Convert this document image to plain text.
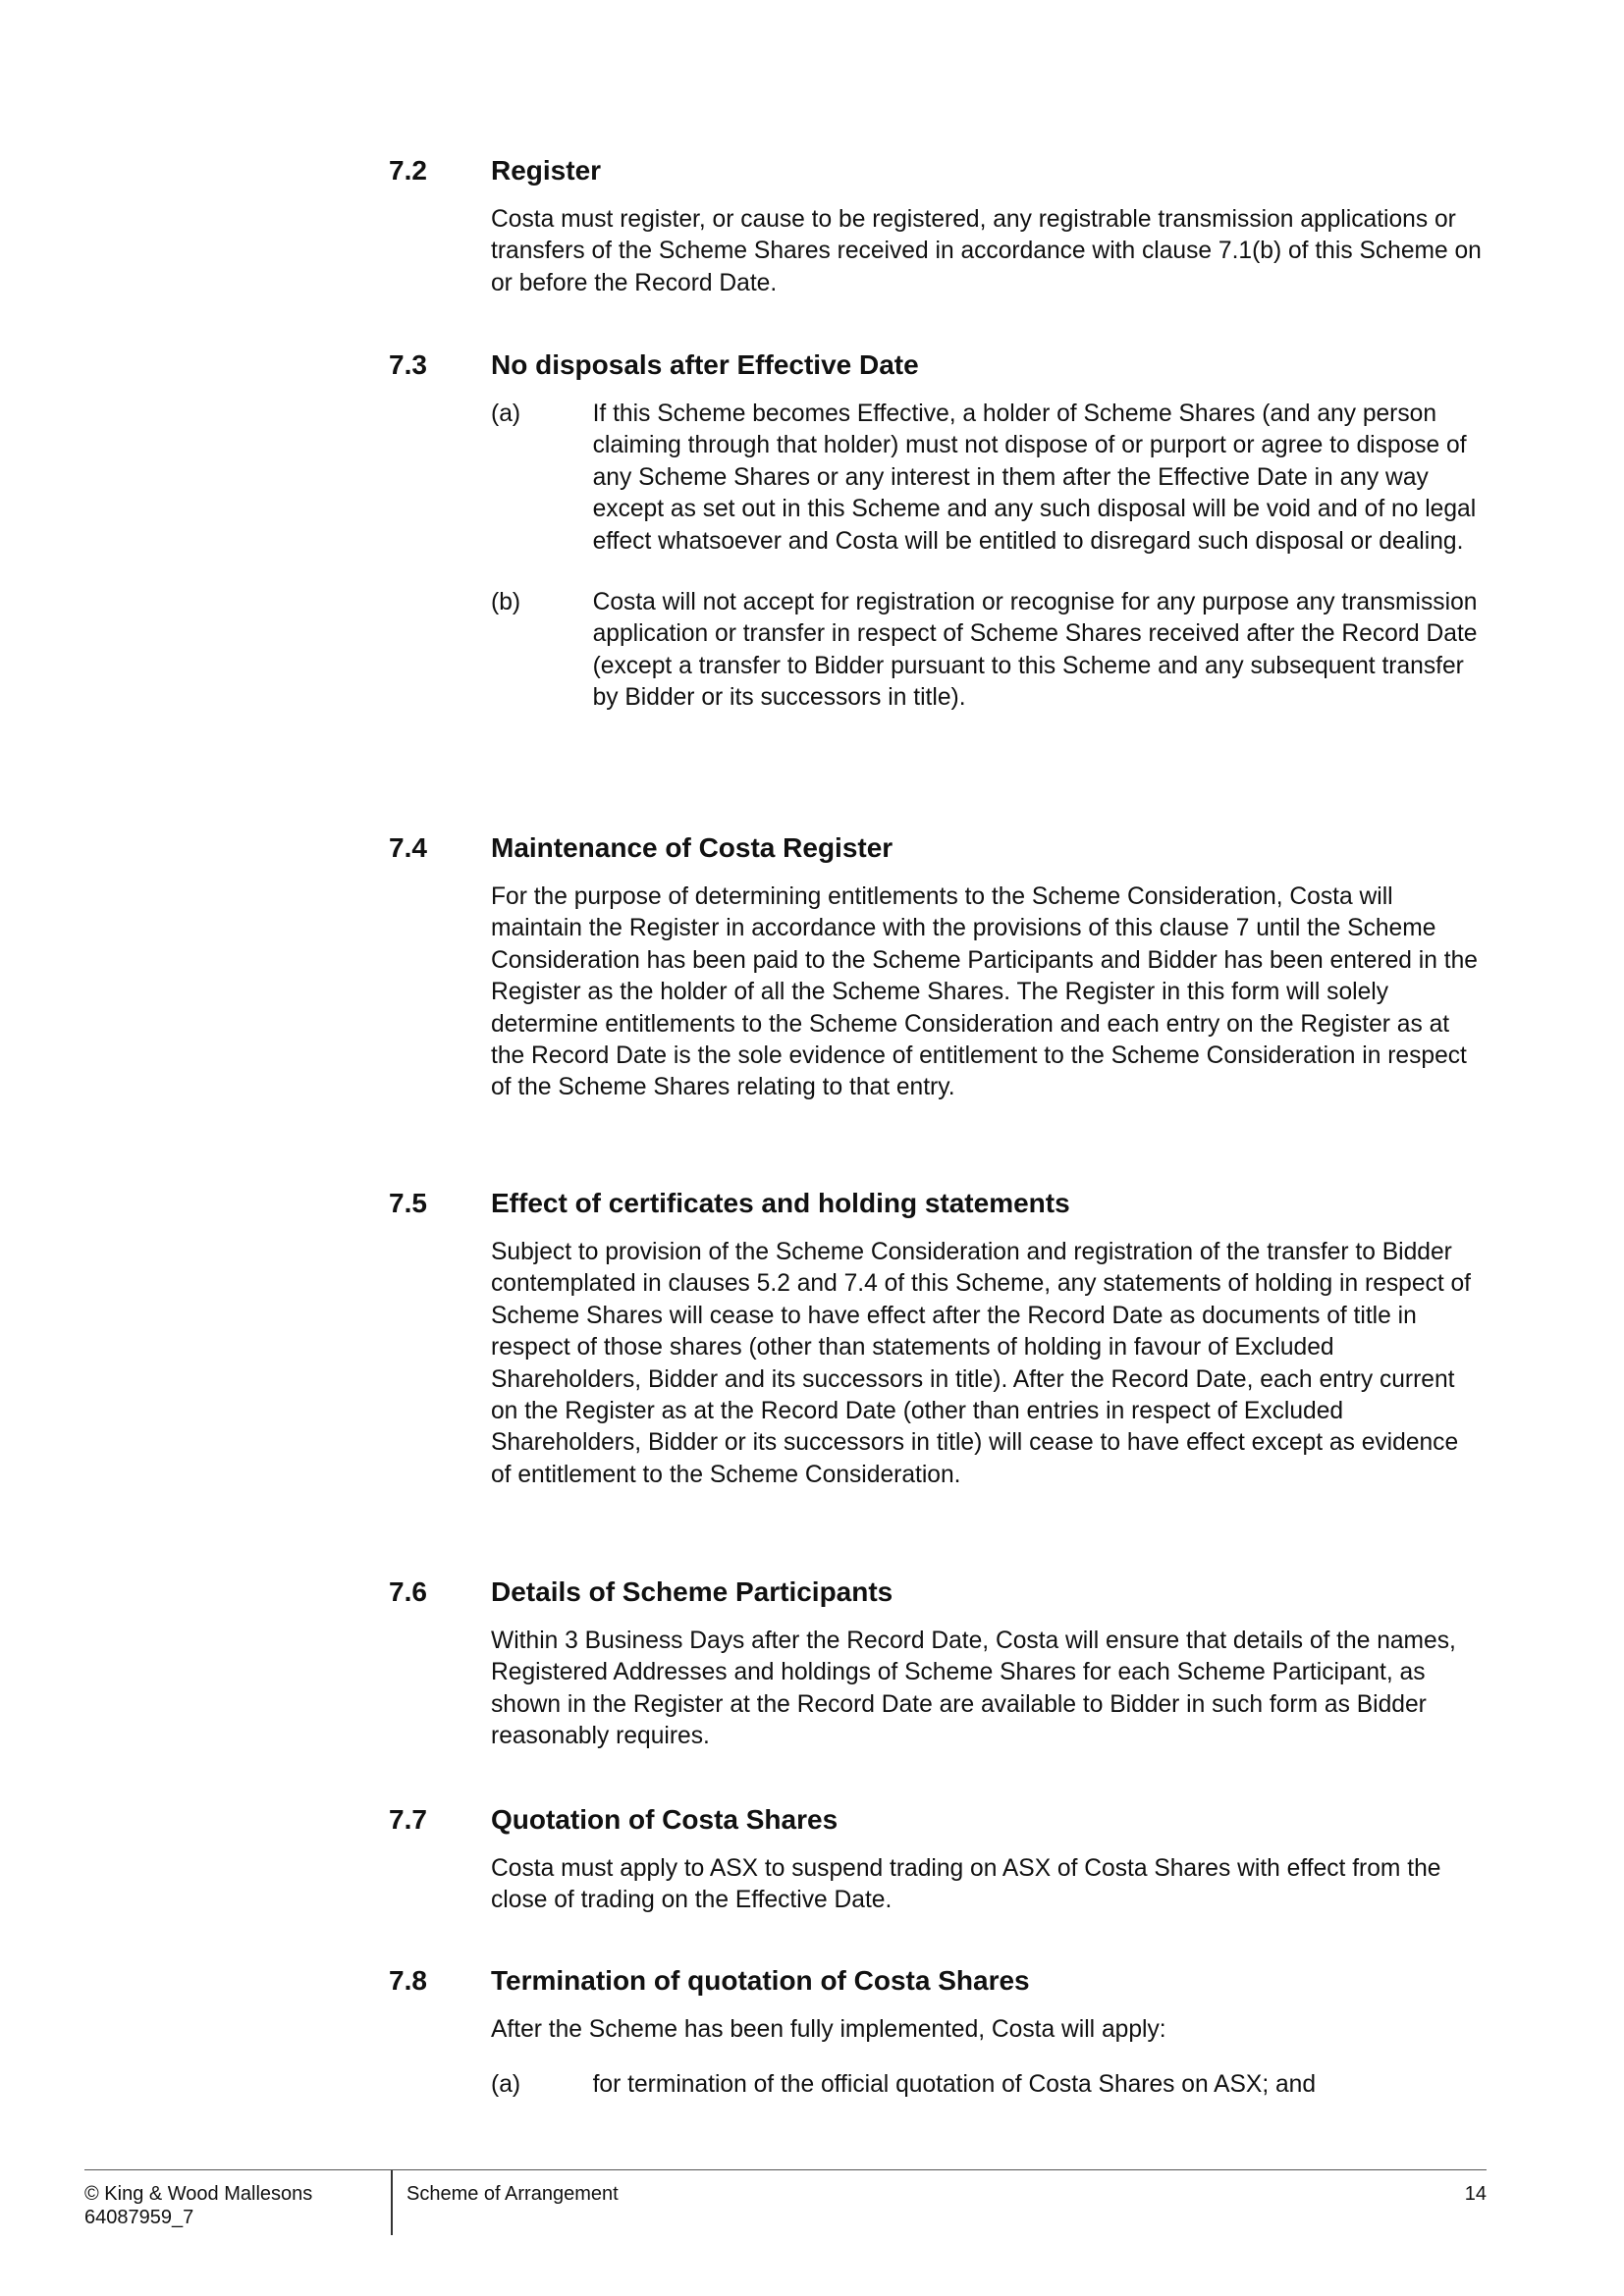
7.2	Register
Costa must register, or cause to be registered, any registrable transmission applications or transfers of the Scheme Shares received in accordance with clause 7.1(b) of this Scheme on or before the Record Date.
7.3	No disposals after Effective Date
(a)	If this Scheme becomes Effective, a holder of Scheme Shares (and any person claiming through that holder) must not dispose of or purport or agree to dispose of any Scheme Shares or any interest in them after the Effective Date in any way except as set out in this Scheme and any such disposal will be void and of no legal effect whatsoever and Costa will be entitled to disregard such disposal or dealing.
(b)	Costa will not accept for registration or recognise for any purpose any transmission application or transfer in respect of Scheme Shares received after the Record Date (except a transfer to Bidder pursuant to this Scheme and any subsequent transfer by Bidder or its successors in title).
7.4	Maintenance of Costa Register
For the purpose of determining entitlements to the Scheme Consideration, Costa will maintain the Register in accordance with the provisions of this clause 7 until the Scheme Consideration has been paid to the Scheme Participants and Bidder has been entered in the Register as the holder of all the Scheme Shares. The Register in this form will solely determine entitlements to the Scheme Consideration and each entry on the Register as at the Record Date is the sole evidence of entitlement to the Scheme Consideration in respect of the Scheme Shares relating to that entry.
7.5	Effect of certificates and holding statements
Subject to provision of the Scheme Consideration and registration of the transfer to Bidder contemplated in clauses 5.2 and 7.4 of this Scheme, any statements of holding in respect of Scheme Shares will cease to have effect after the Record Date as documents of title in respect of those shares (other than statements of holding in favour of Excluded Shareholders, Bidder and its successors in title). After the Record Date, each entry current on the Register as at the Record Date (other than entries in respect of Excluded Shareholders, Bidder or its successors in title) will cease to have effect except as evidence of entitlement to the Scheme Consideration.
7.6	Details of Scheme Participants
Within 3 Business Days after the Record Date, Costa will ensure that details of the names, Registered Addresses and holdings of Scheme Shares for each Scheme Participant, as shown in the Register at the Record Date are available to Bidder in such form as Bidder reasonably requires.
7.7	Quotation of Costa Shares
Costa must apply to ASX to suspend trading on ASX of Costa Shares with effect from the close of trading on the Effective Date.
7.8	Termination of quotation of Costa Shares
After the Scheme has been fully implemented, Costa will apply:
(a)	for termination of the official quotation of Costa Shares on ASX; and
© King & Wood Mallesons
64087959_7
Scheme of Arrangement	14
